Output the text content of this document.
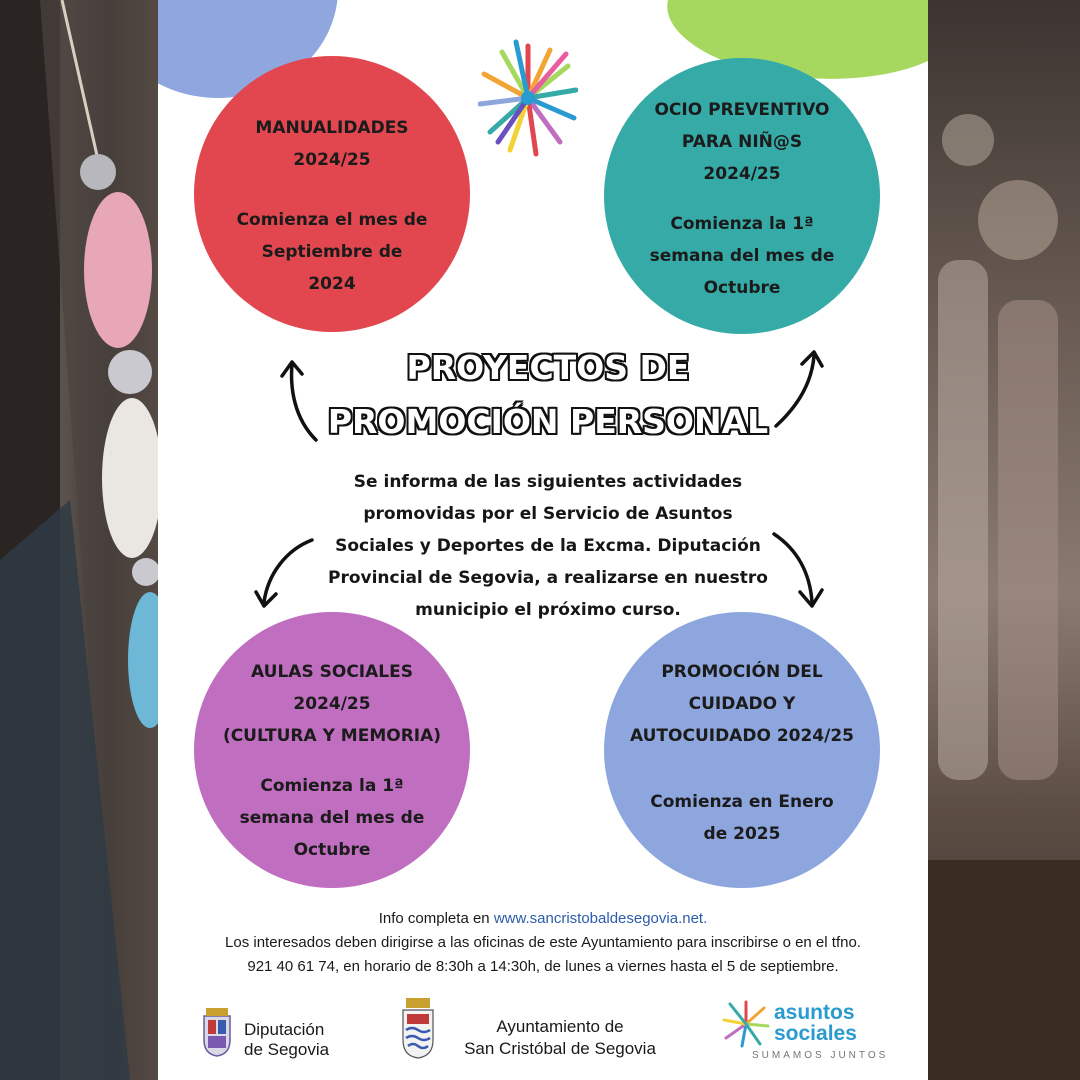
MANUALIDADES
2024/25
Comienza el mes de
Septiembre de
2024
OCIO PREVENTIVO
PARA NIÑ@S
2024/25
Comienza la 1ª
semana del mes de
Octubre
AULAS SOCIALES
2024/25
(CULTURA Y MEMORIA)
Comienza la 1ª
semana del mes de
Octubre
PROMOCIÓN DEL
CUIDADO Y
AUTOCUIDADO 2024/25
Comienza en Enero
de 2025
PROYECTOS DE
PROMOCIÓN PERSONAL
Se informa de las siguientes actividades
promovidas por el Servicio de Asuntos
Sociales y Deportes de la Excma. Diputación
Provincial de Segovia, a realizarse en nuestro
municipio el próximo curso.
Info completa en www.sancristobaldesegovia.net.
Los interesados deben dirigirse a las oficinas de este Ayuntamiento para inscribirse o en el tfno.
921 40 61 74, en horario de 8:30h a 14:30h, de lunes a viernes hasta el 5 de septiembre.
Diputación
de Segovia
Ayuntamiento de
San Cristóbal de Segovia
asuntos
sociales
SUMAMOS JUNTOS
